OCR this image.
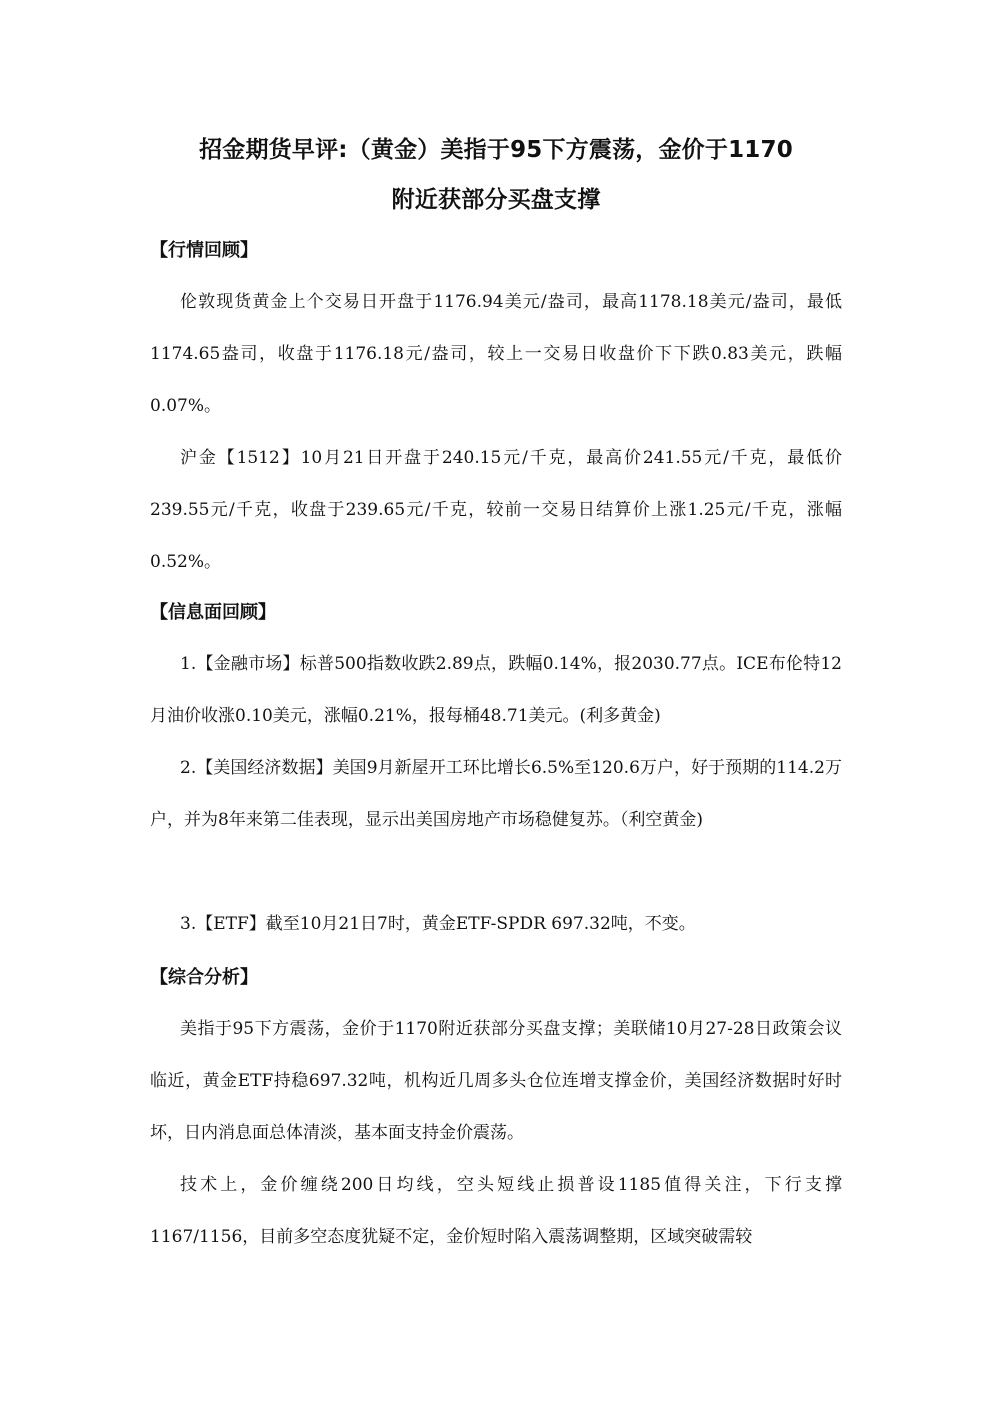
招金期货早评:（黄金）美指于95下方震荡，金价于1170
附近获部分买盘支撑
【行情回顾】

伦敦现货黄金上个交易日开盘于1176.94美元/盎司，最高1178.18美元/盎司，最低1174.65盎司，收盘于1176.18元/盎司，较上一交易日收盘价下下跌0.83美元，跌幅0.07%。

沪金【1512】10月21日开盘于240.15元/千克，最高价241.55元/千克，最低价239.55元/千克，收盘于239.65元/千克，较前一交易日结算价上涨1.25元/千克，涨幅0.52%。

【信息面回顾】

1.【金融市场】标普500指数收跌2.89点，跌幅0.14%，报2030.77点。ICE布伦特12月油价收涨0.10美元，涨幅0.21%，报每桶48.71美元。(利多黄金)

2.【美国经济数据】美国9月新屋开工环比增长6.5%至120.6万户，好于预期的114.2万户，并为8年来第二佳表现，显示出美国房地产市场稳健复苏。（利空黄金)

3.【ETF】截至10月21日7时，黄金ETF-SPDR 697.32吨，不变。

【综合分析】

美指于95下方震荡，金价于1170附近获部分买盘支撑；美联储10月27-28日政策会议临近，黄金ETF持稳697.32吨，机构近几周多头仓位连增支撑金价，美国经济数据时好时坏，日内消息面总体清淡，基本面支持金价震荡。

技术上，金价缠绕200日均线，空头短线止损普设1185值得关注，下行支撑1167/1156，目前多空态度犹疑不定，金价短时陷入震荡调整期，区域突破需较
